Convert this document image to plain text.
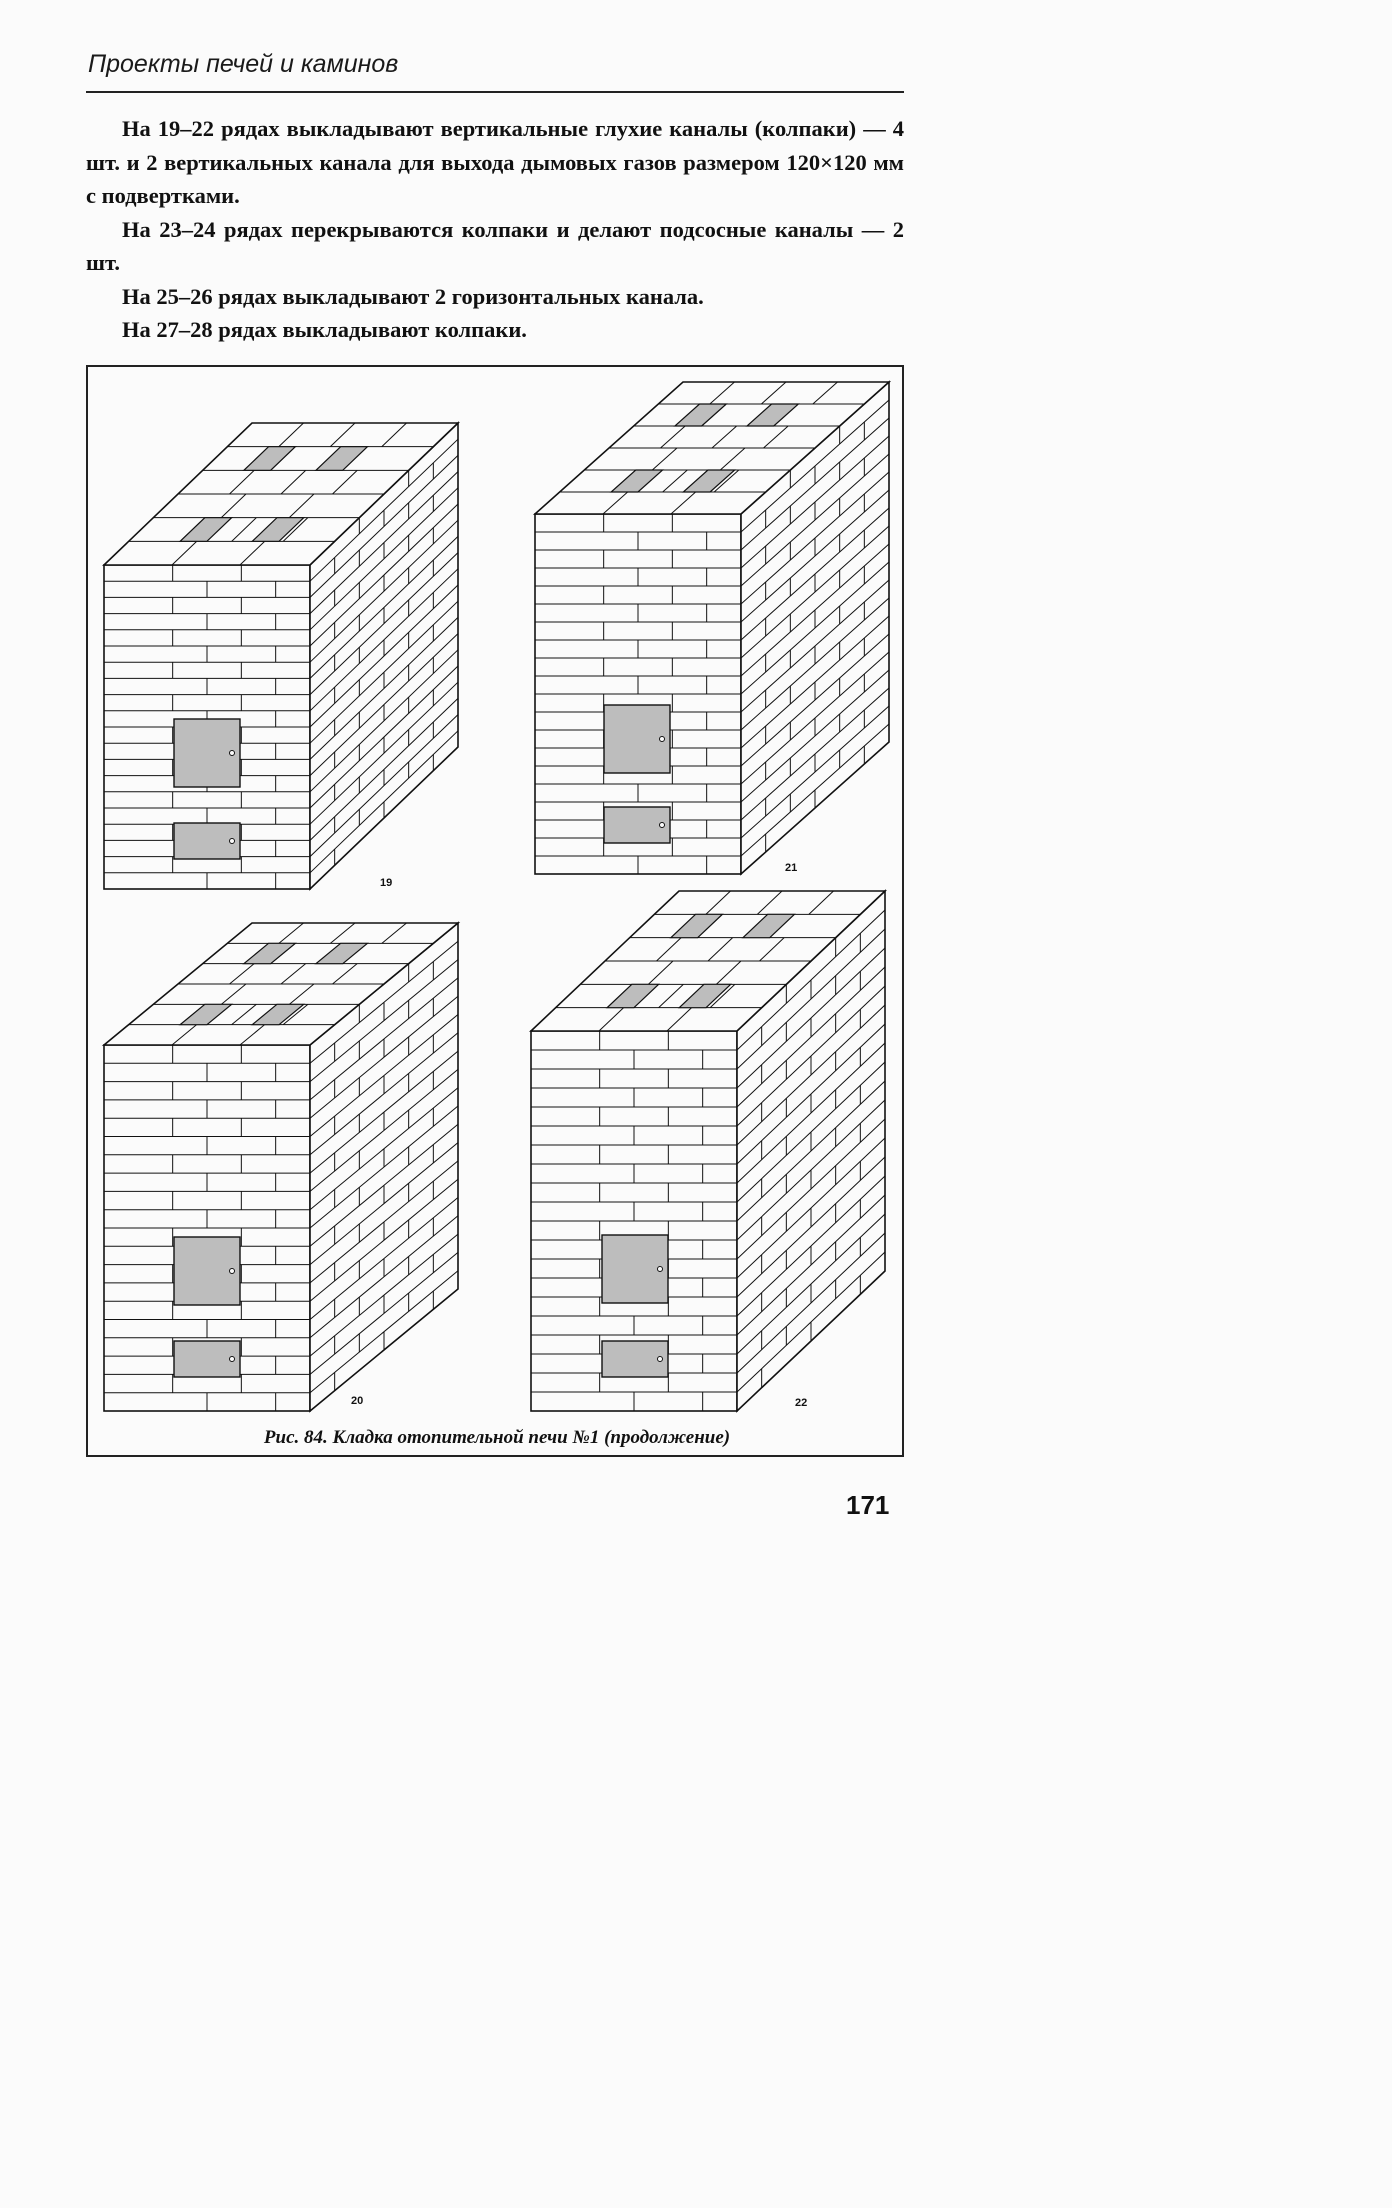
Проекты печей и каминов

На 19–22 рядах выкладывают вертикальные глухие каналы (колпаки) — 4 шт. и 2 вертикальных канала для выхода дымовых газов размером 120×120 мм с подвертками.

На 23–24 рядах перекрываются колпаки и делают подсосные каналы — 2 шт.

На 25–26 рядах выкладывают 2 горизонтальных канала.

На 27–28 рядах выкладывают колпаки.

19
21
20	22
Рис. 84. Кладка отопительной печи №1 (продолжение)
171
